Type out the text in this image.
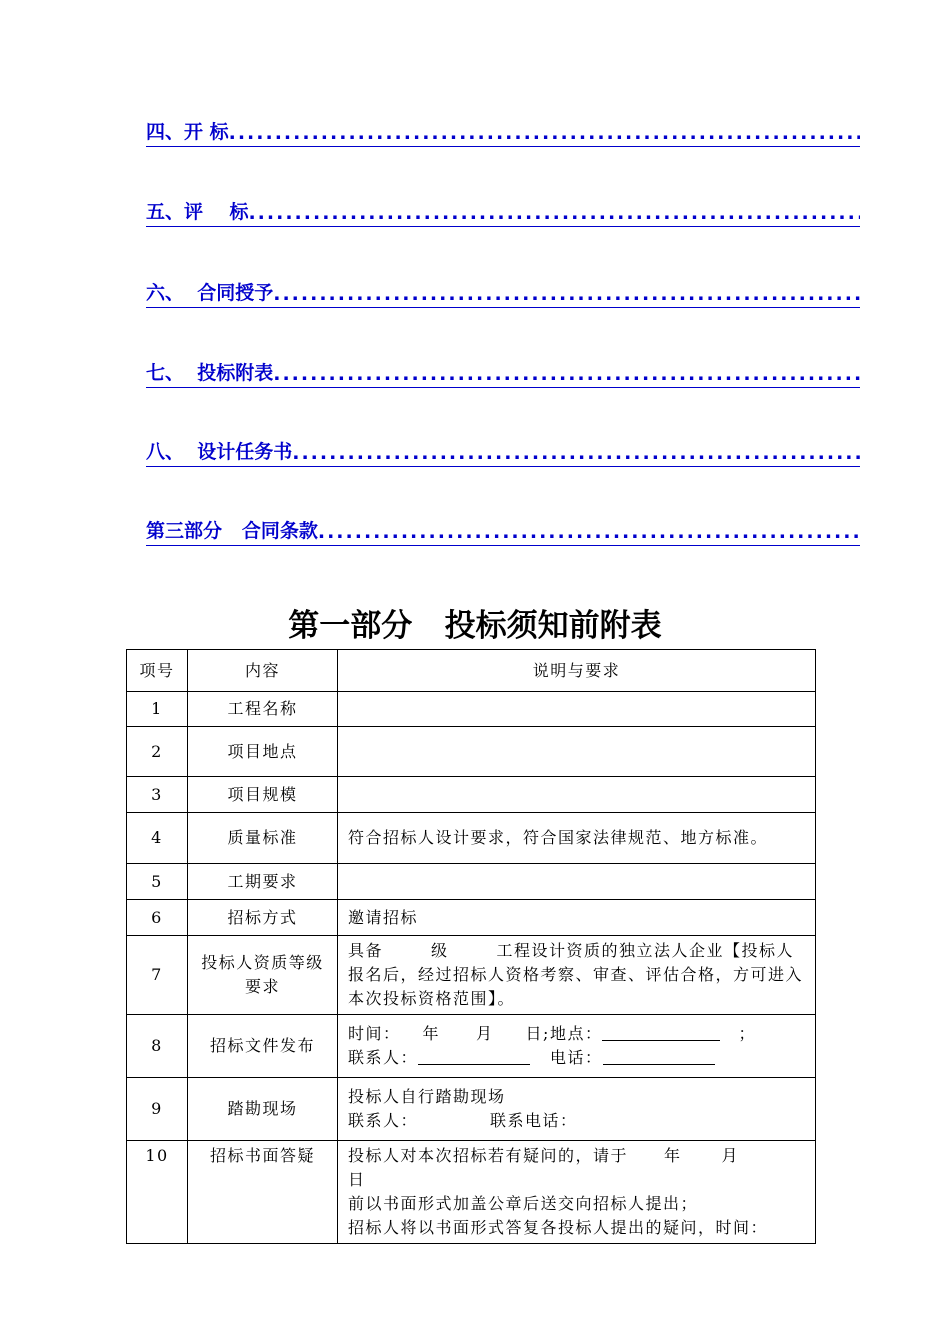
四、开 标
.....
五、评    标
.....
六、  合同授予
.....
七、  投标附表
.....
八、  设计任务书
.....
第三部分   合同条款
.....
第一部分   投标须知前附表
项号	内容	说明与要求
1	工程名称	
2	项目地点	
3	项目规模	
4	质量标准	符合招标人设计要求，符合国家法律规范、地方标准。
5	工期要求	
6	招标方式	邀请招标
7	投标人资质等级要求	具备 级 工程设计资质的独立法人企业【投标人报名后，经过招标人资格考察、审查、评估合格，方可进入本次投标资格范围】。
8	招标文件发布	时间： 年 月 日;地点： ；
联系人： 电话：

9	踏勘现场	投标人自行踏勘现场
联系人： 联系电话：

10	招标书面答疑	投标人对本次招标若有疑问的，请于 年 月日
前以书面形式加盖公章后送交向招标人提出；
招标人将以书面形式答复各投标人提出的疑问，时间：
